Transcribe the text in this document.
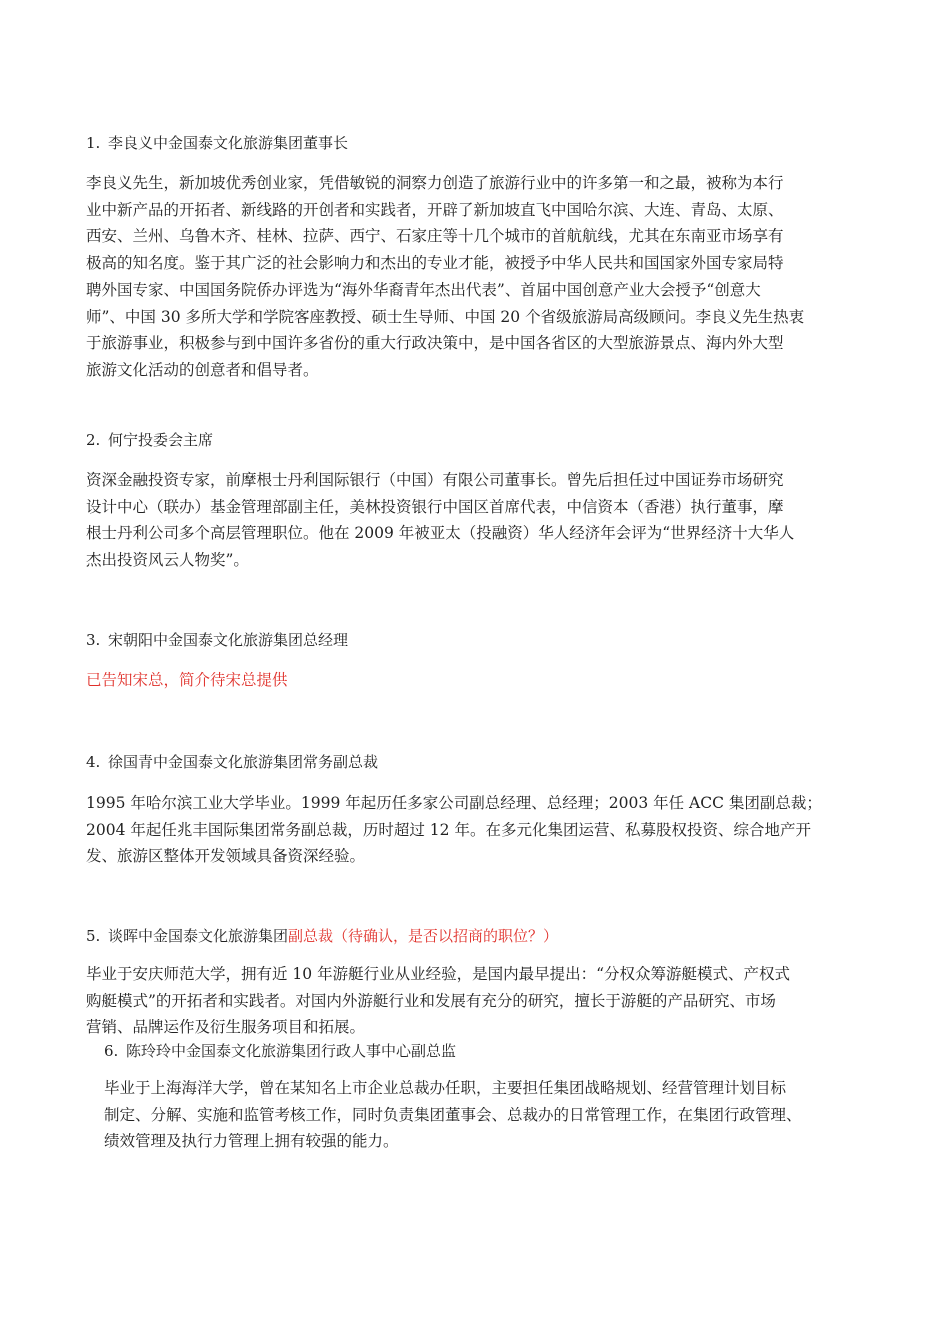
1. 李良义中金国泰文化旅游集团董事长

李良义先生，新加坡优秀创业家，凭借敏锐的洞察力创造了旅游行业中的许多第一和之最，被称为本行
业中新产品的开拓者、新线路的开创者和实践者，开辟了新加坡直飞中国哈尔滨、大连、青岛、太原、
西安、兰州、乌鲁木齐、桂林、拉萨、西宁、石家庄等十几个城市的首航航线，尤其在东南亚市场享有
极高的知名度。鉴于其广泛的社会影响力和杰出的专业才能，被授予中华人民共和国国家外国专家局特
聘外国专家、中国国务院侨办评选为“海外华裔青年杰出代表”、首届中国创意产业大会授予“创意大
师”、中国 30 多所大学和学院客座教授、硕士生导师、中国 20 个省级旅游局高级顾问。李良义先生热衷
于旅游事业，积极参与到中国许多省份的重大行政决策中，是中国各省区的大型旅游景点、海内外大型
旅游文化活动的创意者和倡导者。

2. 何宁投委会主席

资深金融投资专家，前摩根士丹利国际银行（中国）有限公司董事长。曾先后担任过中国证券市场研究
设计中心（联办）基金管理部副主任，美林投资银行中国区首席代表，中信资本（香港）执行董事，摩
根士丹利公司多个高层管理职位。他在 2009 年被亚太（投融资）华人经济年会评为“世界经济十大华人
杰出投资风云人物奖”。

3. 宋朝阳中金国泰文化旅游集团总经理

已告知宋总，简介待宋总提供

4. 徐国青中金国泰文化旅游集团常务副总裁

1995 年哈尔滨工业大学毕业。1999 年起历任多家公司副总经理、总经理；2003 年任 ACC 集团副总裁；
2004 年起任兆丰国际集团常务副总裁，历时超过 12 年。在多元化集团运营、私募股权投资、综合地产开
发、旅游区整体开发领域具备资深经验。

5. 谈晖中金国泰文化旅游集团副总裁（待确认，是否以招商的职位？）

毕业于安庆师范大学，拥有近 10 年游艇行业从业经验，是国内最早提出：“分权众筹游艇模式、产权式
购艇模式”的开拓者和实践者。对国内外游艇行业和发展有充分的研究，擅长于游艇的产品研究、市场
营销、品牌运作及衍生服务项目和拓展。

6. 陈玲玲中金国泰文化旅游集团行政人事中心副总监

毕业于上海海洋大学，曾在某知名上市企业总裁办任职，主要担任集团战略规划、经营管理计划目标
制定、分解、实施和监管考核工作，同时负责集团董事会、总裁办的日常管理工作，在集团行政管理、
绩效管理及执行力管理上拥有较强的能力。
